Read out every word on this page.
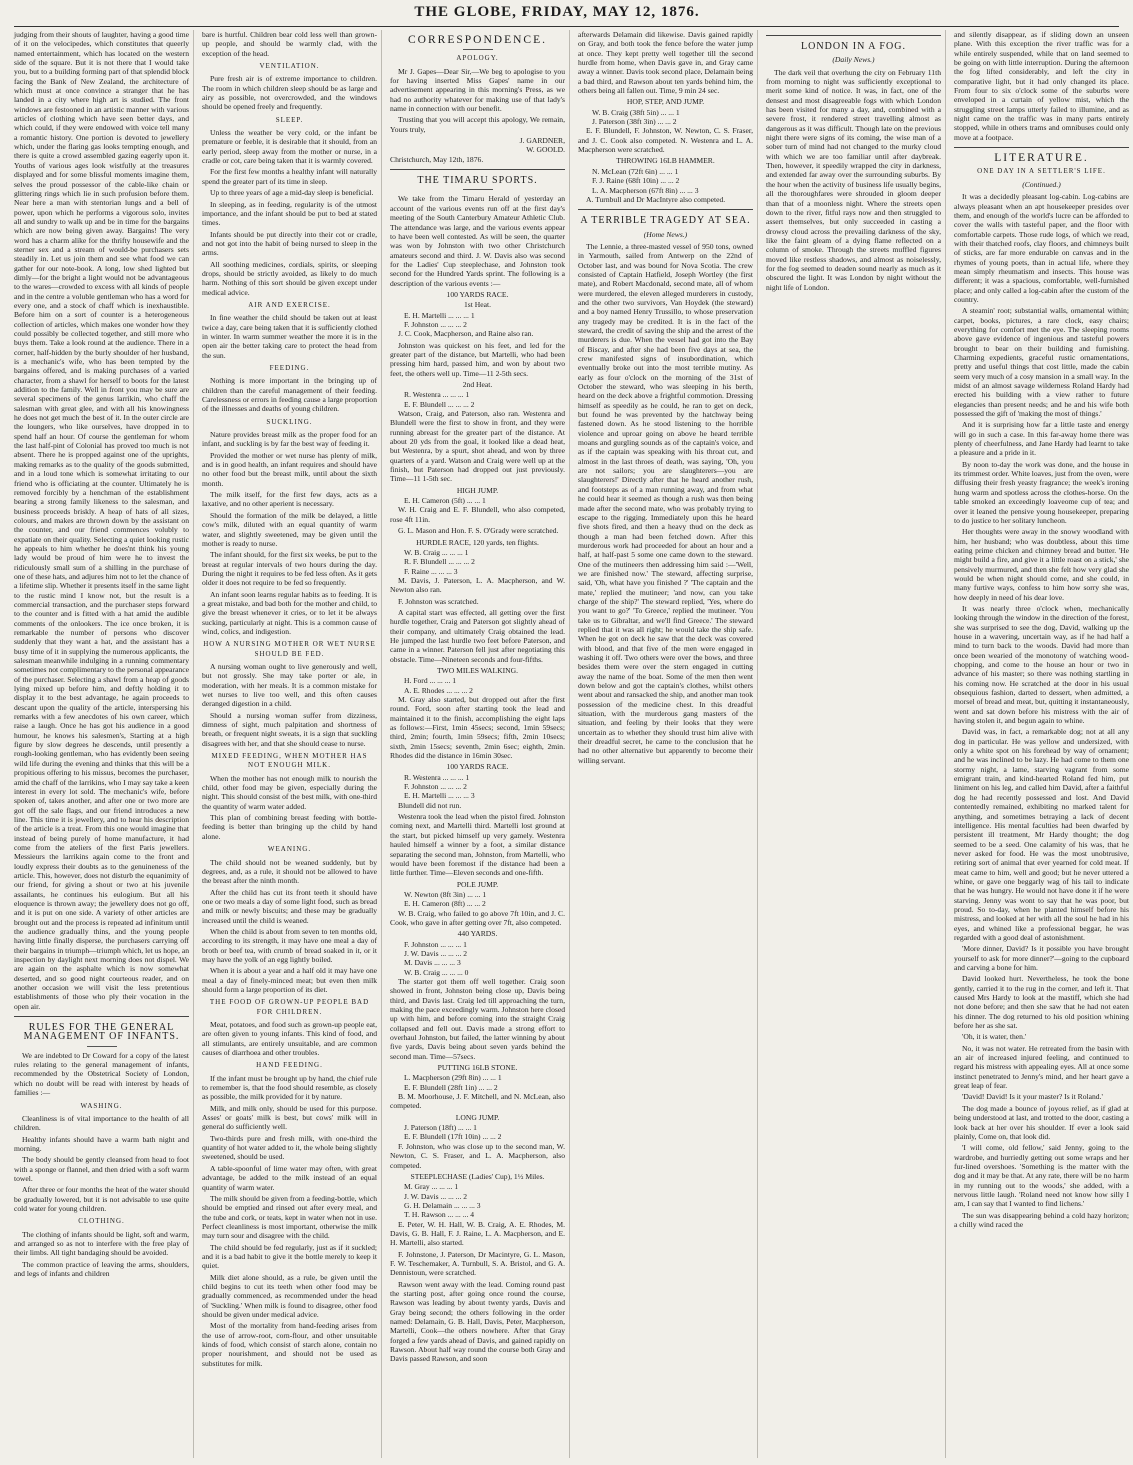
THE GLOBE, FRIDAY, MAY 12, 1876.

judging from their shouts of laughter, having a good time of it on the velocipedes, which constitutes that queerly named entertainment, which has located on the western side of the square. But it is not there that I would take you, but to a building forming part of that splendid block facing the Bank of New Zealand, the architecture of which must at once convince a stranger that he has landed in a city where high art is studied. The front windows are festooned in an artistic manner with various articles of clothing which have seen better days, and which could, if they were endowed with voice tell many a romantic history. One portion is devoted to jewellery which, under the flaring gas looks tempting enough, and there is quite a crowd assembled gazing eagerly upon it. Youths of various ages look wistfully at the treasures displayed and for some blissful moments imagine them, selves the proud possessor of the cable-like chain or glittering rings which lie in such profusion before them. Near here a man with stentorian lungs and a bell of power, upon which he performs a vigorous solo, invites all and sundry to walk up and be in time for the bargains which are now being given away. Bargains! The very word has a charm alike for the thrifty housewife and the sterner sex and a stream of would-be purchasers sets steadily in. Let us join them and see what food we can gather for our note-book. A long, low shed lighted but dimly—for the bright a light would not be advantageous to the wares—crowded to excess with all kinds of people and in the centre a voluble gentleman who has a word for every one, and a stock of chaff which is inexhaustible. Before him on a sort of counter is a heterogeneous collection of articles, which makes one wonder how they could possibly be collected together, and still more who buys them. Take a look round at the audience. There in a corner, half-hidden by the burly shoulder of her husband, is a mechanic's wife, who has been tempted by the bargains offered, and is making purchases of a varied character, from a shawl for herself to boots for the latest addition to the family. Well in front you may be sure are several specimens of the genus larrikin, who chaff the salesman with great glee, and with all his knowingness he does not get much the best of it. In the outer circle are the loungers, who like ourselves, have dropped in to spend half an hour. Of course the gentleman for whom the last half-pint of Colonial has proved too much is not absent. There he is propped against one of the uprights, making remarks as to the quality of the goods submitted, and in a loud tone which is somewhat irritating to our friend who is officiating at the counter. Ultimately he is removed forcibly by a henchman of the establishment bearing a strong family likeness to the salesman, and business proceeds briskly. A heap of hats of all sizes, colours, and makes are thrown down by the assistant on the counter, and our friend commences volubly to expatiate on their quality. Selecting a quiet looking rustic he appeals to him whether he does'nt think his young lady would be proud of him were he to invest the ridiculously small sum of a shilling in the purchase of one of these hats, and adjures him not to let the chance of a lifetime slip. Whether it presents itself in the same light to the rustic mind I know not, but the result is a commercial transaction, and the purchaser steps forward to the counter and is fitted with a hat amid the audible comments of the onlookers. The ice once broken, it is remarkable the number of persons who discover suddenly that they want a hat, and the assistant has a busy time of it in supplying the numerous applicants, the salesman meanwhile indulging in a running commentary sometimes not complimentary to the personal appearance of the purchaser. Selecting a shawl from a heap of goods lying mixed up before him, and deftly holding it to display it to the best advantage, he again proceeds to descant upon the quality of the article, interspersing his remarks with a few anecdotes of his own career, which raise a laugh. Once he has got his audience in a good humour, he knows his salesmen's, Starting at a high figure by slow degrees he descends, until presently a rough-looking gentleman, who has evidently been seeing wild life during the evening and thinks that this will be a propitious offering to his missus, becomes the purchaser, amid the chaff of the larrikins, who I may say take a keen interest in every lot sold. The mechanic's wife, before spoken of, takes another, and after one or two more are got off the sale flags, and our friend introduces a new line. This time it is jewellery, and to hear his description of the article is a treat. From this one would imagine that instead of being purely of home manufacture, it had come from the ateliers of the first Paris jewellers. Messieurs the larrikins again come to the front and loudly express their doubts as to the genuineness of the article. This, however, does not disturb the equanimity of our friend, for giving a shout or two at his juvenile assailants, he continues his eulogium. But all his eloquence is thrown away; the jewellery does not go off, and it is put on one side. A variety of other articles are brought out and the process is repeated ad infinitum until the audience gradually thins, and the young people having little finally disperse, the purchasers carrying off their bargains in triumph—triumph which, let us hope, an inspection by daylight next morning does not dispel. We are again on the asphalte which is now somewhat deserted, and so good night courteous reader, and on another occasion we will visit the less pretentious establishments of those who ply their vocation in the open air.

RULES FOR THE GENERAL MANAGEMENT OF INFANTS.

We are indebted to Dr Coward for a copy of the latest rules relating to the general management of infants, recommended by the Obstetrical Society of London, which no doubt will be read with interest by heads of families :—

WASHING.

Cleanliness is of vital importance to the health of all children.

Healthy infants should have a warm bath night and morning.

The body should be gently cleansed from head to foot with a sponge or flannel, and then dried with a soft warm towel.

After three or four months the heat of the water should be gradually lowered, but it is not advisable to use quite cold water for young children.

CLOTHING.

The clothing of infants should be light, soft and warm, and arranged so as not to interfere with the free play of their limbs. All tight bandaging should be avoided.

The common practice of leaving the arms, shoulders, and legs of infants and children

bare is hurtful. Children bear cold less well than grown-up people, and should be warmly clad, with the exception of the head.

VENTILATION.

Pure fresh air is of extreme importance to children. The room in which children sleep should be as large and airy as possible, not overcrowded, and the windows should be opened freely and frequently.

SLEEP.

Unless the weather be very cold, or the infant be premature or feeble, it is desirable that it should, from an early period, sleep away from the mother or nurse, in a cradle or cot, care being taken that it is warmly covered.

For the first few months a healthy infant will naturally spend the greater part of its time in sleep.

Up to three years of age a mid-day sleep is beneficial.

In sleeping, as in feeding, regularity is of the utmost importance, and the infant should be put to bed at stated times.

Infants should be put directly into their cot or cradle, and not got into the habit of being nursed to sleep in the arms.

All soothing medicines, cordials, spirits, or sleeping drops, should be strictly avoided, as likely to do much harm. Nothing of this sort should be given except under medical advice.

AIR AND EXERCISE.

In fine weather the child should be taken out at least twice a day, care being taken that it is sufficiently clothed in winter. In warm summer weather the more it is in the open air the better taking care to protect the head from the sun.

FEEDING.

Nothing is more important in the bringing up of children than the careful management of their feeding. Carelessness or errors in feeding cause a large proportion of the illnesses and deaths of young children.

SUCKLING.

Nature provides breast milk as the proper food for an infant, and suckling is by far the best way of feeding it.

Provided the mother or wet nurse has plenty of milk, and is in good health, an infant requires and should have no other food but the breast milk, until about the sixth month.

The milk itself, for the first few days, acts as a laxative, and no other aperient is necessary.

Should the formation of the milk be delayed, a little cow's milk, diluted with an equal quantity of warm water, and slightly sweetened, may be given until the mother is ready to nurse.

The infant should, for the first six weeks, be put to the breast at regular intervals of two hours during the day. During the night it requires to be fed less often. As it gets older it does not require to be fed so frequently.

An infant soon learns regular habits as to feeding. It is a great mistake, and bad both for the mother and child, to give the breast whenever it cries, or to let it be always sucking, particularly at night. This is a common cause of wind, colics, and indigestion.

HOW A NURSING MOTHER OR WET NURSE SHOULD BE FED.

A nursing woman ought to live generously and well, but not grossly. She may take porter or ale, in moderation, with her meals. It is a common mistake for wet nurses to live too well, and this often causes deranged digestion in a child.

Should a nursing woman suffer from dizziness, dimness of sight, much palpitation and shortness of breath, or frequent night sweats, it is a sign that suckling disagrees with her, and that she should cease to nurse.

MIXED FEEDING, WHEN MOTHER HAS NOT ENOUGH MILK.

When the mother has not enough milk to nourish the child, other food may be given, especially during the night. This should consist of the best milk, with one-third the quantity of warm water added.

This plan of combining breast feeding with bottle-feeding is better than bringing up the child by hand alone.

WEANING.

The child should not be weaned suddenly, but by degrees, and, as a rule, it should not be allowed to have the breast after the ninth month.

After the child has cut its front teeth it should have one or two meals a day of some light food, such as bread and milk or newly biscuits; and these may be gradually increased until the child is weaned.

When the child is about from seven to ten months old, according to its strength, it may have one meal a day of broth or beef tea, with crumb of bread soaked in it, or it may have the yolk of an egg lightly boiled.

When it is about a year and a half old it may have one meal a day of finely-minced meat; but even then milk should form a large proportion of its diet.

THE FOOD OF GROWN-UP PEOPLE BAD FOR CHILDREN.

Meat, potatoes, and food such as grown-up people eat, are often given to young infants. This kind of food, and all stimulants, are entirely unsuitable, and are common causes of diarrhoea and other troubles.

HAND FEEDING.

If the infant must be brought up by hand, the chief rule to remember is, that the food should resemble, as closely as possible, the milk provided for it by nature.

Milk, and milk only, should be used for this purpose. Asses' or goats' milk is best, but cows' milk will in general do sufficiently well.

Two-thirds pure and fresh milk, with one-third the quantity of hot water added to it, the whole being slightly sweetened, should be used.

A table-spoonful of lime water may often, with great advantage, be added to the milk instead of an equal quantity of warm water.

The milk should be given from a feeding-bottle, which should be emptied and rinsed out after every meal, and the tube and cork, or teats, kept in water when not in use. Perfect cleanliness is most important, otherwise the milk may turn sour and disagree with the child.

The child should be fed regularly, just as if it suckled; and it is a bad habit to give it the bottle merely to keep it quiet.

Milk diet alone should, as a rule, be given until the child begins to cut its teeth when other food may be gradually commenced, as recommended under the head of 'Suckling.' When milk is found to disagree, other food should be given under medical advice.

Most of the mortality from hand-feeding arises from the use of arrow-root, corn-flour, and other unsuitable kinds of food, which consist of starch alone, contain no proper nourishment, and should not be used as substitutes for milk.

CORRESPONDENCE.
APOLOGY.

Mr J. Gapes—Dear Sir,—We beg to apologise to you for having inserted Miss Gapes' name in our advertisement appearing in this morning's Press, as we had no authority whatever for making use of that lady's name in connection with our benefit.

Trusting that you will accept this apology, We remain, Yours truly,

J. GARDNER,

W. GOOLD.

Christchurch, May 12th, 1876.

THE TIMARU SPORTS.

We take from the Timaru Herald of yesterday an account of the various events run off at the first day's meeting of the South Canterbury Amateur Athletic Club. The attendance was large, and the various events appear to have been well contested. As will be seen, the quarter was won by Johnston with two other Christchurch amateurs second and third. J. W. Davis also was second for the Ladies' Cup steeplechase, and Johnston took second for the Hundred Yards sprint. The following is a description of the various events :—

100 YARDS RACE.
1st Heat.

E. H. Martelli ... ... ... 1

F. Johnston ... ... ... 2

J. C. Cook, Macpherson, and Raine also ran.

Johnston was quickest on his feet, and led for the greater part of the distance, but Martelli, who had been pressing him hard, passed him, and won by about two feet, the others well up. Time—11 2-5th secs.

2nd Heat.

R. Westenra ... ... ... 1

E. F. Blundell ... ... ... 2

Watson, Craig, and Paterson, also ran. Westenra and Blundell were the first to show in front, and they were running abreast for the greater part of the distance. At about 20 yds from the goal, it looked like a dead heat, but Westenra, by a spurt, shot ahead, and won by three quarters of a yard. Watson and Craig were well up at the finish, but Paterson had dropped out just previously. Time—11 1-5th sec.

HIGH JUMP.

E. H. Cameron (5ft) ... ... 1

W. H. Craig and E. F. Blundell, who also competed, rose 4ft 11in.

G. L. Mason and Hon. F. S. O'Grady were scratched.

HURDLE RACE, 120 yards, ten flights.

W. B. Craig ... ... ... 1

R. F. Blundell ... ... ... 2

F. Raine ... ... ... 3

M. Davis, J. Paterson, L. A. Macpherson, and W. Newton also ran.

F. Johnston was scratched.

A capital start was effected, all getting over the first hurdle together, Craig and Paterson got slightly ahead of their company, and ultimately Craig obtained the lead. He jumped the last hurdle two feet before Paterson, and came in a winner. Paterson fell just after negotiating this obstacle. Time—Nineteen seconds and four-fifths.

TWO MILES WALKING.

H. Ford ... ... ... 1

A. E. Rhodes ... ... ... 2

M. Gray also started, but dropped out after the first round. Ford, soon after starting took the lead and maintained it to the finish, accomplishing the eight laps as follows:—First, 1min 45secs; second, 1min 59secs; third, 2min; fourth, 1min 59secs; fifth, 2min 10secs; sixth, 2min 15secs; seventh, 2min 6sec; eighth, 2min. Rhodes did the distance in 16min 30sec.

100 YARDS RACE.

R. Westenra ... ... ... 1

F. Johnston ... ... ... 2

E. H. Martelli ... ... ... 3

Blundell did not run.

Westenra took the lead when the pistol fired. Johnston coming next, and Martelli third. Martelli lost ground at the start, but picked himself up very gamely. Westenra hauled himself a winner by a foot, a similar distance separating the second man, Johnston, from Martelli, who would have been foremost if the distance had been a little further. Time—Eleven seconds and one-fifth.

POLE JUMP.

W. Newton (8ft 3in) ... ... 1

E. H. Cameron (8ft) ... ... 2

W. B. Craig, who failed to go above 7ft 10in, and J. C. Cook, who gave in after getting over 7ft, also competed.

440 YARDS.

F. Johnston ... ... ... 1

J. W. Davis ... ... ... 2

M. Davis ... ... ... 3

W. B. Craig ... ... ... 0

The starter got them off well together. Craig soon showed in front, Johnston being close up, Davis being third, and Davis last. Craig led till approaching the turn, making the pace exceedingly warm. Johnston here closed up with him, and before coming into the straight Craig collapsed and fell out. Davis made a strong effort to overhaul Johnston, but failed, the latter winning by about five yards, Davis being about seven yards behind the second man. Time—57secs.

PUTTING 16LB STONE.

L. Macpherson (29ft 8in) ... ... 1

E. F. Blundell (28ft 1in) ... ... 2

B. M. Moorhouse, J. F. Mitchell, and N. McLean, also competed.

LONG JUMP.

J. Paterson (18ft) ... ... 1

E. F. Blundell (17ft 10in) ... ... 2

F. Johnston, who was close up to the second man, W. Newton, C. S. Fraser, and L. A. Macpherson, also competed.

STEEPLECHASE (Ladies' Cup), 1½ Miles.

M. Gray ... ... ... 1

J. W. Davis ... ... ... 2

G. H. Delamain ... ... ... 3

T. H. Rawson ... ... ... 4

E. Peter, W. H. Hall, W. B. Craig, A. E. Rhodes, M. Davis, G. B. Hall, F. J. Raine, L. A. Macpherson, and E. H. Martelli, also started.

F. Johnstone, J. Paterson, Dr Macintyre, G. L. Mason, F. W. Teschemaker, A. Turnbull, S. A. Bristol, and G. A. Dennistoun, were scratched.

Rawson went away with the lead. Coming round past the starting post, after going once round the course, Rawson was leading by about twenty yards, Davis and Gray being second; the others following in the order named: Delamain, G. B. Hall, Davis, Peter, Macpherson, Martelli, Cook—the others nowhere. After that Gray forged a few yards ahead of Davis, and gained rapidly on Rawson. About half way round the course both Gray and Davis passed Rawson, and soon

afterwards Delamain did likewise. Davis gained rapidly on Gray, and both took the fence before the water jump at once. They kept pretty well together till the second hurdle from home, when Davis gave in, and Gray came away a winner. Davis took second place, Delamain being a bad third, and Rawson about ten yards behind him, the others being all fallen out. Time, 9 min 24 sec.

HOP, STEP, AND JUMP.

W. B. Craig (38ft 5in) ... ... 1

J. Paterson (38ft 3in) ... ... 2

E. F. Blundell, F. Johnston, W. Newton, C. S. Fraser, and J. C. Cook also competed. N. Westenra and L. A. Macpherson were scratched.

THROWING 16LB HAMMER.

N. McLean (72ft 6in) ... ... 1

F. J. Raine (68ft 10in) ... ... 2

L. A. Macpherson (67ft 8in) ... ... 3

A. Turnbull and Dr MacIntyre also competed.

A TERRIBLE TRAGEDY AT SEA.
(Home News.)

The Lennie, a three-masted vessel of 950 tons, owned in Yarmouth, sailed from Antwerp on the 22nd of October last, and was bound for Nova Scotia. The crew consisted of Captain Hatfield, Joseph Wortley (the first mate), and Robert Macdonald, second mate, all of whom were murdered, the eleven alleged murderers in custody, and the other two survivors, Van Hoydek (the steward) and a boy named Henry Trussillo, to whose preservation any tragedy may be credited. It is in the fact of the steward, the credit of saving the ship and the arrest of the murderers is due. When the vessel had got into the Bay of Biscay, and after she had been five days at sea, the crew manifested signs of insubordination, which eventually broke out into the most terrible mutiny. As early as four o'clock on the morning of the 31st of October the steward, who was sleeping in his berth, heard on the deck above a frightful commotion. Dressing himself as speedily as he could, he ran to get on deck, but found he was prevented by the hatchway being fastened down. As he stood listening to the horrible violence and uproar going on above he heard terrible moans and gurgling sounds as of the captain's voice, and as if the captain was speaking with his throat cut, and almost in the last throes of death, was saying, 'Oh, you are not sailors; you are slaughterers—you are slaughterers!' Directly after that he heard another rush, and footsteps as of a man running away, and from what he could hear it seemed as though a rush was then being made after the second mate, who was probably trying to escape to the rigging. Immediately upon this he heard five shots fired, and then a heavy thud on the deck as though a man had been fetched down. After this murderous work had proceeded for about an hour and a half, at half-past 5 some one came down to the steward. One of the mutineers then addressing him said :—'Well, we are finished now.' The steward, affecting surprise, said, 'Oh, what have you finished ?' 'The captain and the mate,' replied the mutineer; 'and now, can you take charge of the ship?' The steward replied, 'Yes, where do you want to go?' 'To Greece,' replied the mutineer. 'You take us to Gibraltar, and we'll find Greece.' The steward replied that it was all right; he would take the ship safe. When he got on deck he saw that the deck was covered with blood, and that five of the men were engaged in washing it off. Two others were over the bows, and three besides them were over the stern engaged in cutting away the name of the boat. Some of the men then went down below and got the captain's clothes, whilst others went about and ransacked the ship, and another man took possession of the medicine chest. In this dreadful situation, with the murderous gang masters of the situation, and feeling by their looks that they were uncertain as to whether they should trust him alive with their dreadful secret, he came to the conclusion that he had no other alternative but apparently to become their willing servant.

LONDON IN A FOG.
(Daily News.)

The dark veil that overhung the city on February 11th from morning to night was sufficiently exceptional to merit some kind of notice. It was, in fact, one of the densest and most disagreeable fogs with which London has been visited for many a day, and, combined with a severe frost, it rendered street travelling almost as dangerous as it was difficult. Though late on the previous night there were signs of its coming, the wise man of a sober turn of mind had not changed to the murky cloud with which we are too familiar until after daybreak. Then, however, it speedily wrapped the city in darkness, and extended far away over the surrounding suburbs. By the hour when the activity of business life usually begins, all the thoroughfares were shrouded in gloom deeper than that of a moonless night. Where the streets open down to the river, fitful rays now and then struggled to assert themselves, but only succeeded in casting a drowsy cloud across the prevailing darkness of the sky, like the faint gleam of a dying flame reflected on a column of smoke. Through the streets muffled figures moved like restless shadows, and almost as noiselessly, for the fog seemed to deaden sound nearly as much as it obscured the light. It was London by night without the night life of London.

and silently disappear, as if sliding down an unseen plane. With this exception the river traffic was for a while entirely suspended, while that on land seemed to be going on with little interruption. During the afternoon the fog lifted considerably, and left the city in comparative light, but it had only changed its place. From four to six o'clock some of the suburbs were enveloped in a curtain of yellow mist, which the struggling street lamps utterly failed to illumine, and as night came on the traffic was in many parts entirely stopped, while in others trams and omnibuses could only move at a footpace.

LITERATURE.
ONE DAY IN A SETTLER'S LIFE.
(Continued.)

It was a decidedly pleasant log-cabin. Log-cabins are always pleasant when an apt housekeeper presides over them, and enough of the world's lucre can be afforded to cover the walls with tasteful paper, and the floor with comfortable carpets. Those rude logs, of which we read, with their thatched roofs, clay floors, and chimneys built of sticks, are far more endurable on canvas and in the rhymes of young poets, than in actual life, where they mean simply rheumatism and insects. This house was different; it was a spacious, comfortable, well-furnished place; and only called a log-cabin after the custom of the country.

A steamin' root; substantial walls, ornamental within; carpet, books, pictures, a rare clock, easy chairs; everything for comfort met the eye. The sleeping rooms above gave evidence of ingenious and tasteful powers brought to bear on their building and furnishing. Charming expedients, graceful rustic ornamentations, pretty and useful things that cost little, made the cabin seem very much of a cosy mansion in a small way. In the midst of an almost savage wilderness Roland Hardy had erected his building with a view rather to future elegancies than present needs; and he and his wife both possessed the gift of 'making the most of things.'

And it is surprising how far a little taste and energy will go in such a case. In this far-away home there was plenty of cheerfulness, and Jane Hardy had learnt to take a pleasure and a pride in it.

By noon to-day the work was done, and the house in its trimmest order. White loaves, just from the oven, were diffusing their fresh yeasty fragrance; the week's ironing hung warm and spotless across the clothes-horse. On the table smoked an exceedingly loaveome cup of tea; and over it leaned the pensive young housekeeper, preparing to do justice to her solitary luncheon.

Her thoughts were away in the snowy woodland with him, her husband; who was doubtless, about this time eating prime chicken and chimney bread and butter. 'He might build a fire, and give it a little roast on a stick,' she pensively murmured, and then she felt how very glad she would be when night should come, and she could, in many furtive ways, confess to him how sorry she was, how deeply in need of his dear love.

It was nearly three o'clock when, mechanically looking through the window in the direction of the forest, she was surprised to see the dog, David, walking up the house in a wavering, uncertain way, as if he had half a mind to turn back to the woods. David had more than once been wearied of the monotony of watching wood-chopping, and come to the house an hour or two in advance of his master; so there was nothing startling in his coming now. He scratched at the door in his usual obsequious fashion, darted to dessert, when admitted, a morsel of bread and meat, but, quitting it instantaneously, went and sat down before his mistress with the air of having stolen it, and begun again to whine.

David was, in fact, a remarkable dog; not at all any dog in particular. He was yellow and undersized, with only a white spot on his forehead by way of ornament; and he was inclined to be lazy. He had come to them one stormy night, a lame, starving vagrant from some emigrant train, and kind-hearted Roland fed him, put liniment on his leg, and called him David, after a faithful dog he had recently possessed and lost. And David contentedly remained, exhibiting no marked talent for anything, and sometimes betraying a lack of decent intelligence. His mental faculties had been dwarfed by persistent ill treatment, Mr Hardy thought; the dog seemed to be a seed. One calamity of his was, that he never asked for food. He was the most unobtrusive, retiring sort of animal that ever yearned for cold meat. If meat came to him, well and good; but he never uttered a whine, or gave one beggarly wag of his tail to indicate that he was hungry. He would not have done it if he were starving. Jenny was wont to say that he was poor, but proud. So to-day, when he planted himself before his mistress, and looked at her with all the soul he had in his eyes, and whined like a professional beggar, he was regarded with a good deal of astonishment.

'More dinner, David? Is it possible you have brought yourself to ask for more dinner?'—going to the cupboard and carving a bone for him.

David looked hurt. Nevertheless, he took the bone gently, carried it to the rug in the corner, and left it. That caused Mrs Hardy to look at the mastiff, which she had not done before; and then she saw that he had not eaten his dinner. The dog returned to his old position whining before her as she sat.

'Oh, it is water, then.'

No, it was not water. He retreated from the basin with an air of increased injured feeling, and continued to regard his mistress with appealing eyes. All at once some instinct penetrated to Jenny's mind, and her heart gave a great leap of fear.

'David! David! Is it your master? Is it Roland.'

The dog made a bounce of joyous relief, as if glad at being understood at last, and trotted to the door, casting a look back at her over his shoulder. If ever a look said plainly, Come on, that look did.

'I will come, old fellow,' said Jenny, going to the wardrobe, and hurriedly getting out some wraps and her fur-lined overshoes. 'Something is the matter with the dog and it may be that. At any rate, there will be no harm in my running out to the woods,' she added, with a nervous little laugh. 'Roland need not know how silly I am, I can say that I wanted to find lichens.'

The sun was disappearing behind a cold hazy horizon; a chilly wind raced the
